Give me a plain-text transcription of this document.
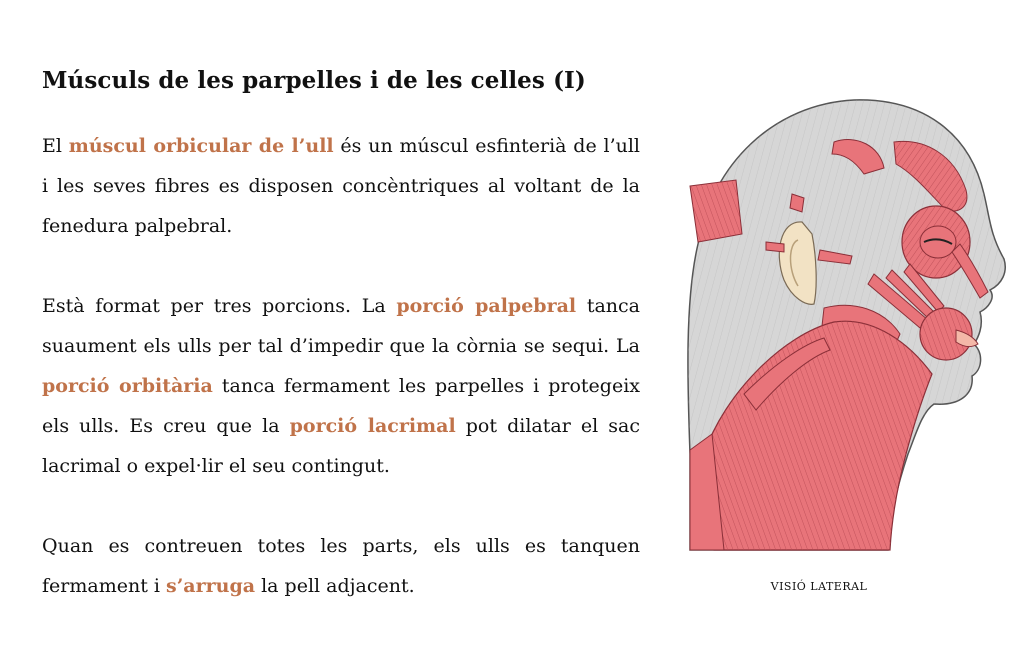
Músculs de les parpelles i de les celles (I)

El múscul orbicular de l’ull és un múscul esfinterià de l’ull i les seves fibres es disposen concèntriques al voltant de la fenedura palpebral.

Està format per tres porcions. La porció palpebral tanca suaument els ulls per tal d’impedir que la còrnia se sequi. La porció orbitària tanca fermament les parpelles i protegeix els ulls. Es creu que la porció lacrimal pot dilatar el sac lacrimal o expel·lir el seu contingut.

Quan es contreuen totes les parts, els ulls es tanquen fermament i s’arruga la pell adjacent.	VISIÓ LATERAL
